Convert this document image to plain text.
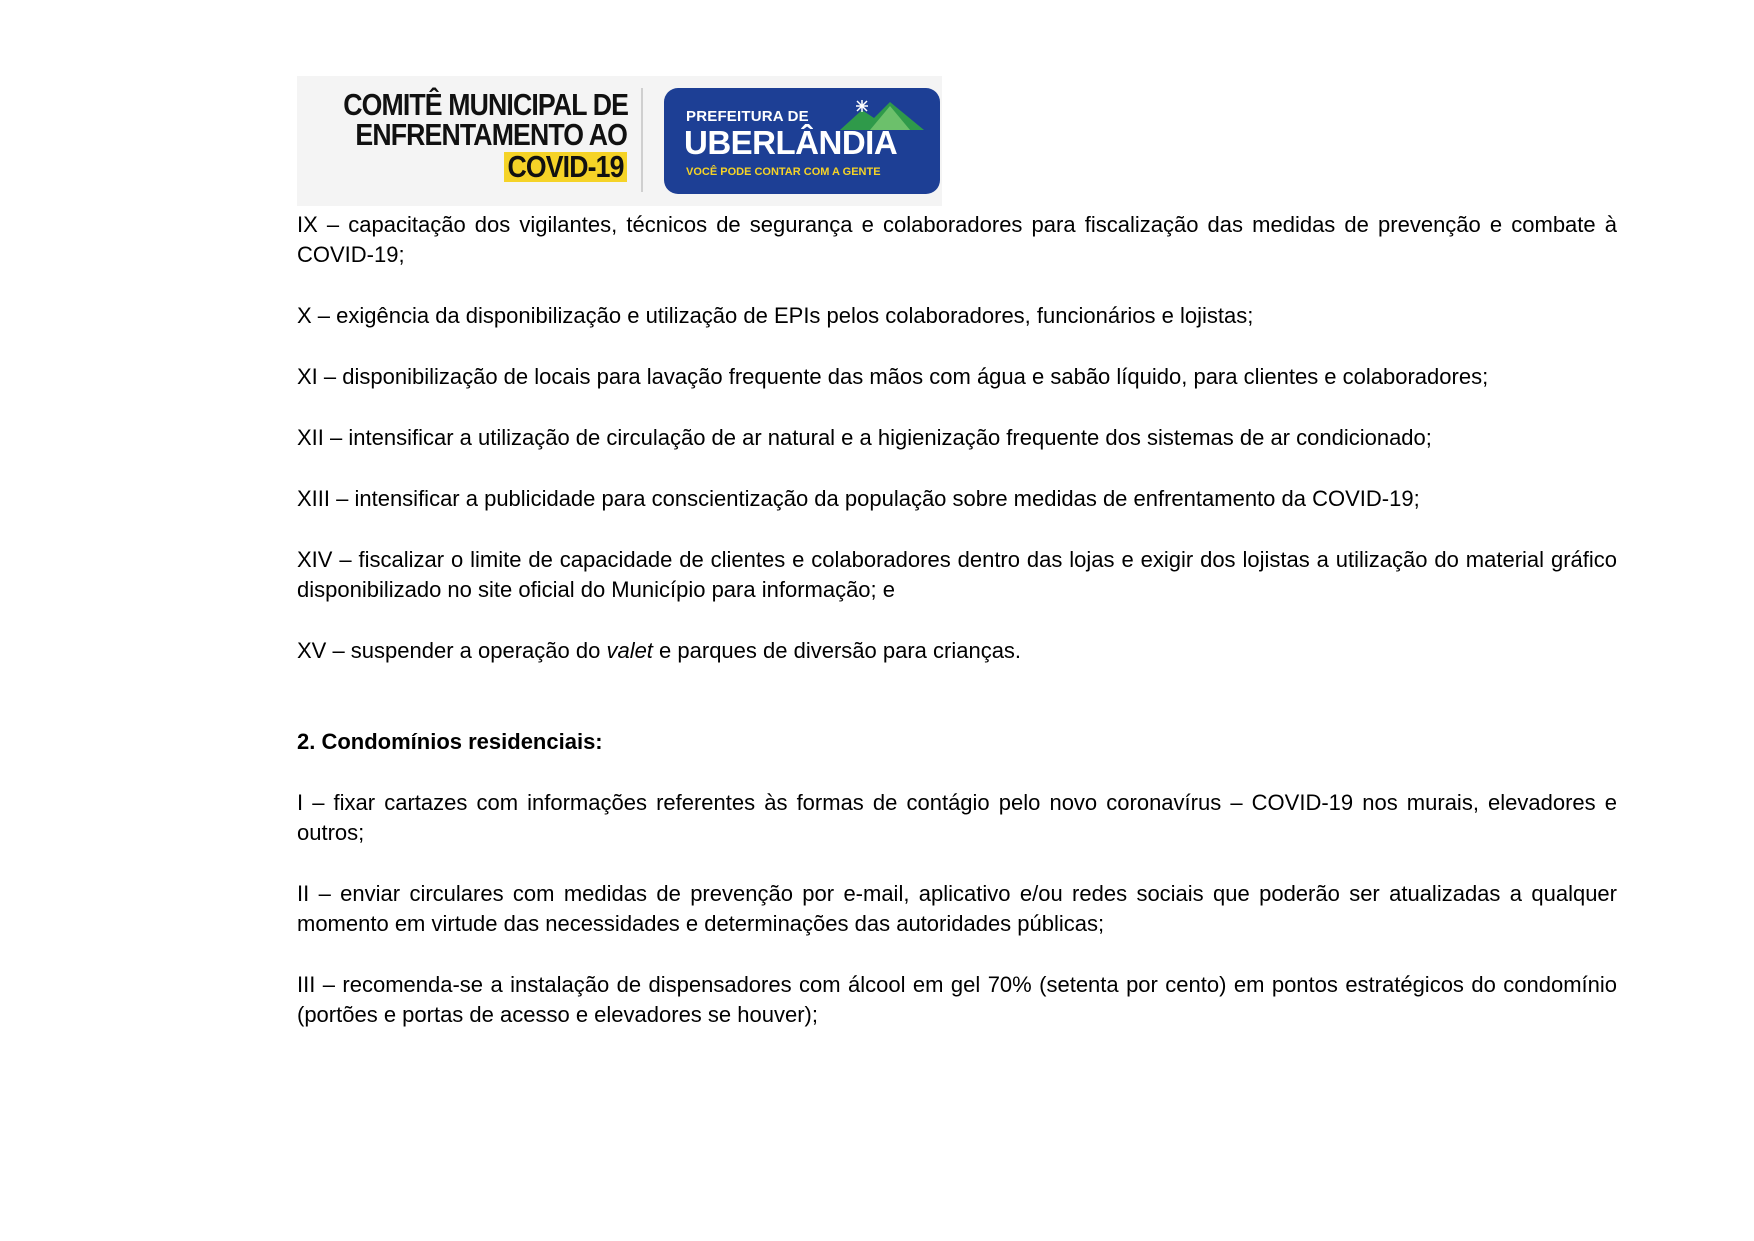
COMITÊ MUNICIPAL DE
ENFRENTAMENTO AO
COVID-19
PREFEITURA DE
UBERLÂNDIA
VOCÊ PODE CONTAR COM A GENTE

IX – capacitação dos vigilantes, técnicos de segurança e colaboradores para fiscalização das medidas de prevenção e combate à COVID-19;

X – exigência da disponibilização e utilização de EPIs pelos colaboradores, funcionários e lojistas;

XI – disponibilização de locais para lavação frequente das mãos com água e sabão líquido, para clientes e colaboradores;

XII – intensificar a utilização de circulação de ar natural e a higienização frequente dos sistemas de ar condicionado;

XIII – intensificar a publicidade para conscientização da população sobre medidas de enfrentamento da COVID-19;

XIV – fiscalizar o limite de capacidade de clientes e colaboradores dentro das lojas e exigir dos lojistas a utilização do material gráfico disponibilizado no site oficial do Município para informação; e

XV – suspender a operação do valet e parques de diversão para crianças.

2. Condomínios residenciais:

I – fixar cartazes com informações referentes às formas de contágio pelo novo coronavírus – COVID-19 nos murais, elevadores e outros;

II – enviar circulares com medidas de prevenção por e-mail, aplicativo e/ou redes sociais que poderão ser atualizadas a qualquer momento em virtude das necessidades e determinações das autoridades públicas;

III – recomenda-se a instalação de dispensadores com álcool em gel 70% (setenta por cento) em pontos estratégicos do condomínio (portões e portas de acesso e elevadores se houver);
